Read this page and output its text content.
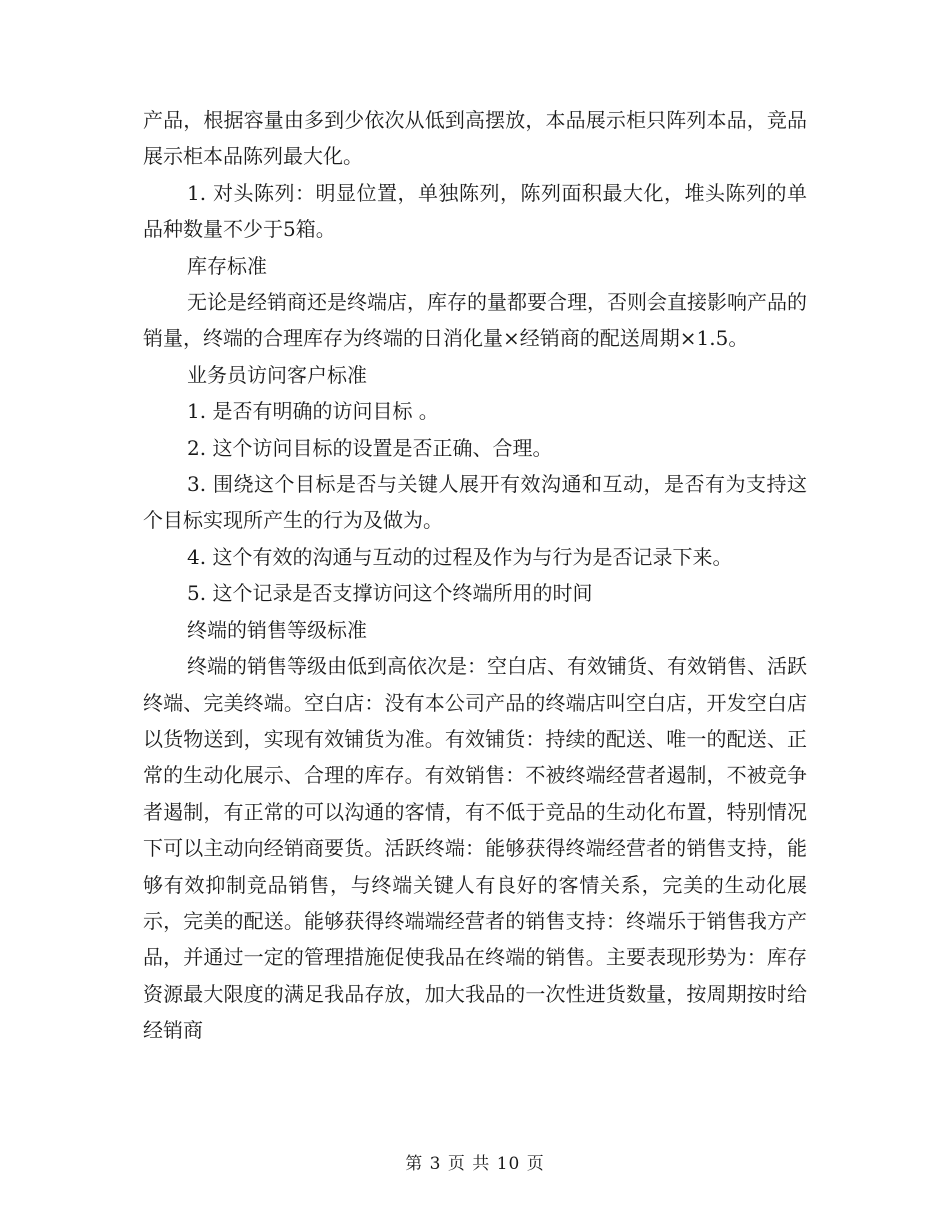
产品，根据容量由多到少依次从低到高摆放，本品展示柜只阵列本品，竞品展示柜本品陈列最大化。

1. 对头陈列：明显位置，单独陈列，陈列面积最大化，堆头陈列的单品种数量不少于5箱。

库存标准

无论是经销商还是终端店，库存的量都要合理，否则会直接影响产品的销量，终端的合理库存为终端的日消化量×经销商的配送周期×1.5。

业务员访问客户标准

1. 是否有明确的访问目标 。

2. 这个访问目标的设置是否正确、合理。

3. 围绕这个目标是否与关键人展开有效沟通和互动，是否有为支持这个目标实现所产生的行为及做为。

4. 这个有效的沟通与互动的过程及作为与行为是否记录下来。

5. 这个记录是否支撑访问这个终端所用的时间

终端的销售等级标准

终端的销售等级由低到高依次是：空白店、有效铺货、有效销售、活跃终端、完美终端。空白店：没有本公司产品的终端店叫空白店，开发空白店以货物送到，实现有效铺货为准。有效铺货：持续的配送、唯一的配送、正常的生动化展示、合理的库存。有效销售：不被终端经营者遏制，不被竞争者遏制，有正常的可以沟通的客情，有不低于竞品的生动化布置，特别情况下可以主动向经销商要货。活跃终端：能够获得终端经营者的销售支持，能够有效抑制竞品销售，与终端关键人有良好的客情关系，完美的生动化展示，完美的配送。能够获得终端端经营者的销售支持：终端乐于销售我方产品，并通过一定的管理措施促使我品在终端的销售。主要表现形势为：库存资源最大限度的满足我品存放，加大我品的一次性进货数量，按周期按时给经销商

第 3 页 共 10 页
